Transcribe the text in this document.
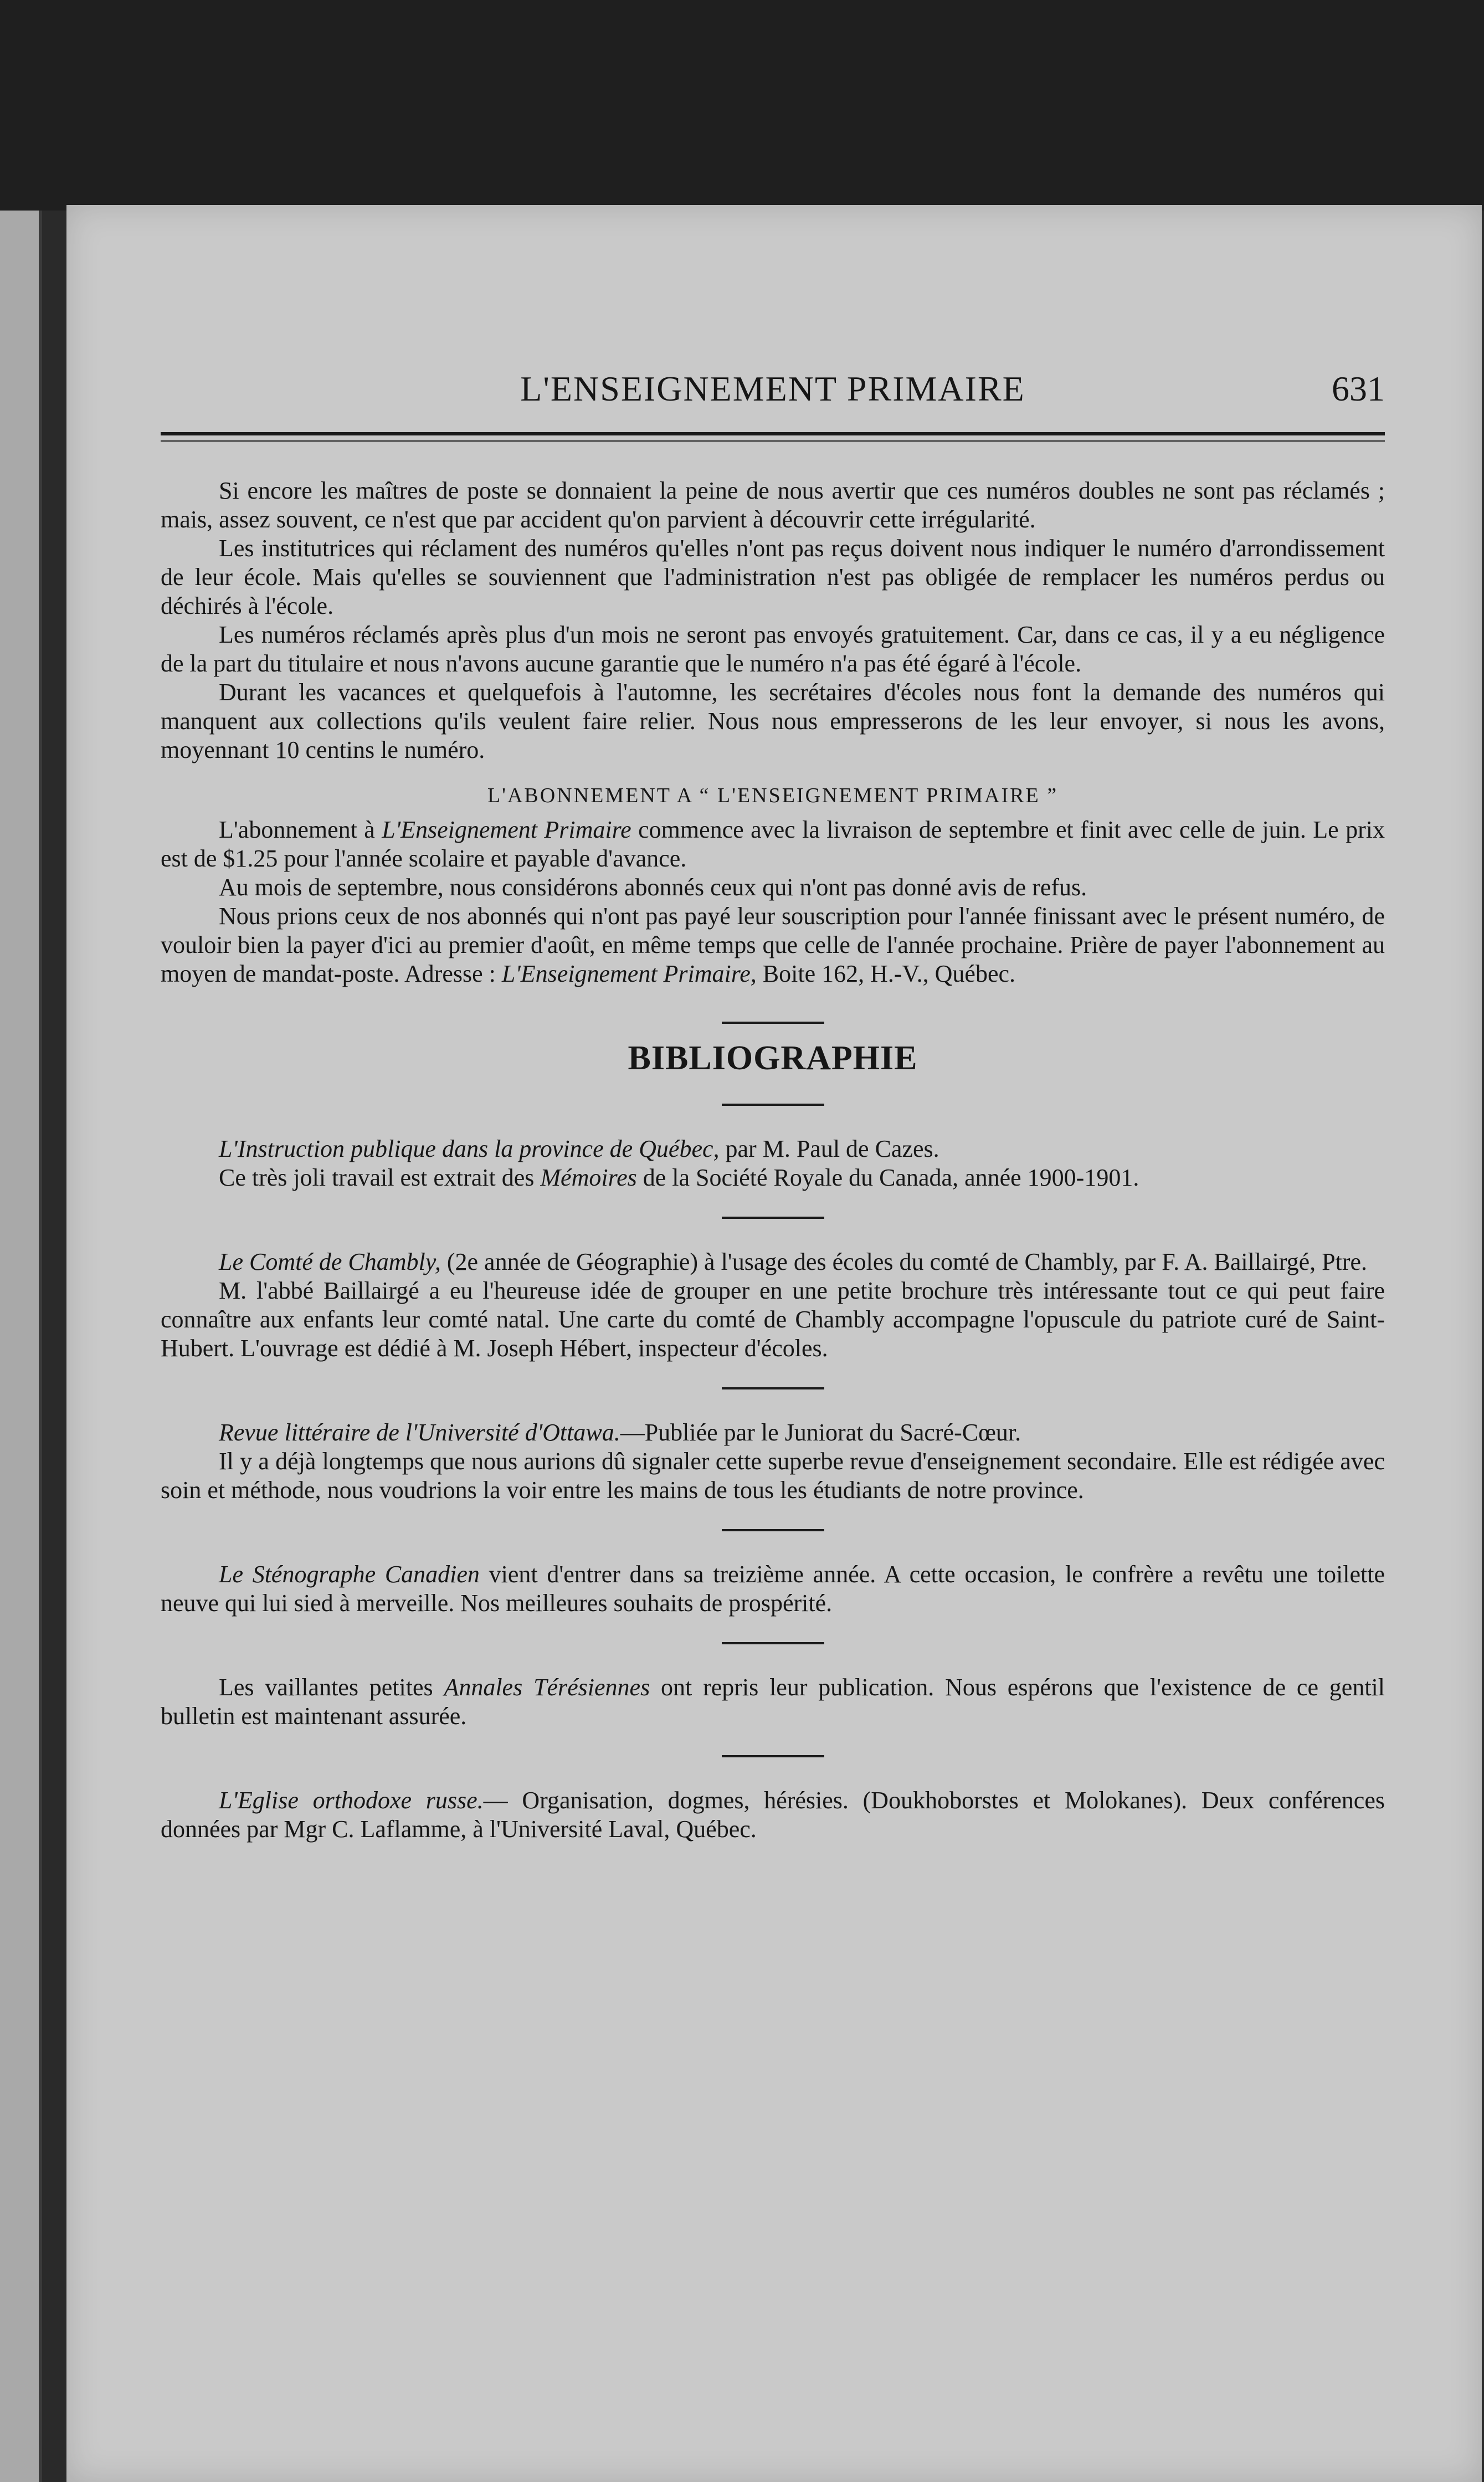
L'ENSEIGNEMENT PRIMAIRE	631

Si encore les maîtres de poste se donnaient la peine de nous avertir que ces numéros doubles ne sont pas réclamés ; mais, assez souvent, ce n'est que par accident qu'on parvient à découvrir cette irrégularité.

Les institutrices qui réclament des numéros qu'elles n'ont pas reçus doivent nous indiquer le numéro d'arrondissement de leur école. Mais qu'elles se souviennent que l'administration n'est pas obligée de remplacer les numéros perdus ou déchirés à l'école.

Les numéros réclamés après plus d'un mois ne seront pas envoyés gratuitement. Car, dans ce cas, il y a eu négligence de la part du titulaire et nous n'avons aucune garantie que le numéro n'a pas été égaré à l'école.

Durant les vacances et quelquefois à l'automne, les secrétaires d'écoles nous font la demande des numéros qui manquent aux collections qu'ils veulent faire relier. Nous nous empresserons de les leur envoyer, si nous les avons, moyennant 10 centins le numéro.

L'ABONNEMENT A “ L'ENSEIGNEMENT PRIMAIRE ”

L'abonnement à L'Enseignement Primaire commence avec la livraison de septembre et finit avec celle de juin. Le prix est de $1.25 pour l'année scolaire et payable d'avance.

Au mois de septembre, nous considérons abonnés ceux qui n'ont pas donné avis de refus.

Nous prions ceux de nos abonnés qui n'ont pas payé leur souscription pour l'année finissant avec le présent numéro, de vouloir bien la payer d'ici au premier d'août, en même temps que celle de l'année prochaine. Prière de payer l'abonnement au moyen de mandat-poste. Adresse : L'Enseignement Primaire, Boite 162, H.-V., Québec.

BIBLIOGRAPHIE

L'Instruction publique dans la province de Québec, par M. Paul de Cazes.

Ce très joli travail est extrait des Mémoires de la Société Royale du Canada, année 1900-1901.

Le Comté de Chambly, (2e année de Géographie) à l'usage des écoles du comté de Chambly, par F. A. Baillairgé, Ptre.

M. l'abbé Baillairgé a eu l'heureuse idée de grouper en une petite brochure très intéressante tout ce qui peut faire connaître aux enfants leur comté natal. Une carte du comté de Chambly accompagne l'opuscule du patriote curé de Saint-Hubert. L'ouvrage est dédié à M. Joseph Hébert, inspecteur d'écoles.

Revue littéraire de l'Université d'Ottawa.—Publiée par le Juniorat du Sacré-Cœur.

Il y a déjà longtemps que nous aurions dû signaler cette superbe revue d'enseignement secondaire. Elle est rédigée avec soin et méthode, nous voudrions la voir entre les mains de tous les étudiants de notre province.

Le Sténographe Canadien vient d'entrer dans sa treizième année. A cette occasion, le confrère a revêtu une toilette neuve qui lui sied à merveille. Nos meilleures souhaits de prospérité.

Les vaillantes petites Annales Térésiennes ont repris leur publication. Nous espérons que l'existence de ce gentil bulletin est maintenant assurée.

L'Eglise orthodoxe russe.— Organisation, dogmes, hérésies. (Doukhoborstes et Molokanes). Deux conférences données par Mgr C. Laflamme, à l'Université Laval, Québec.
